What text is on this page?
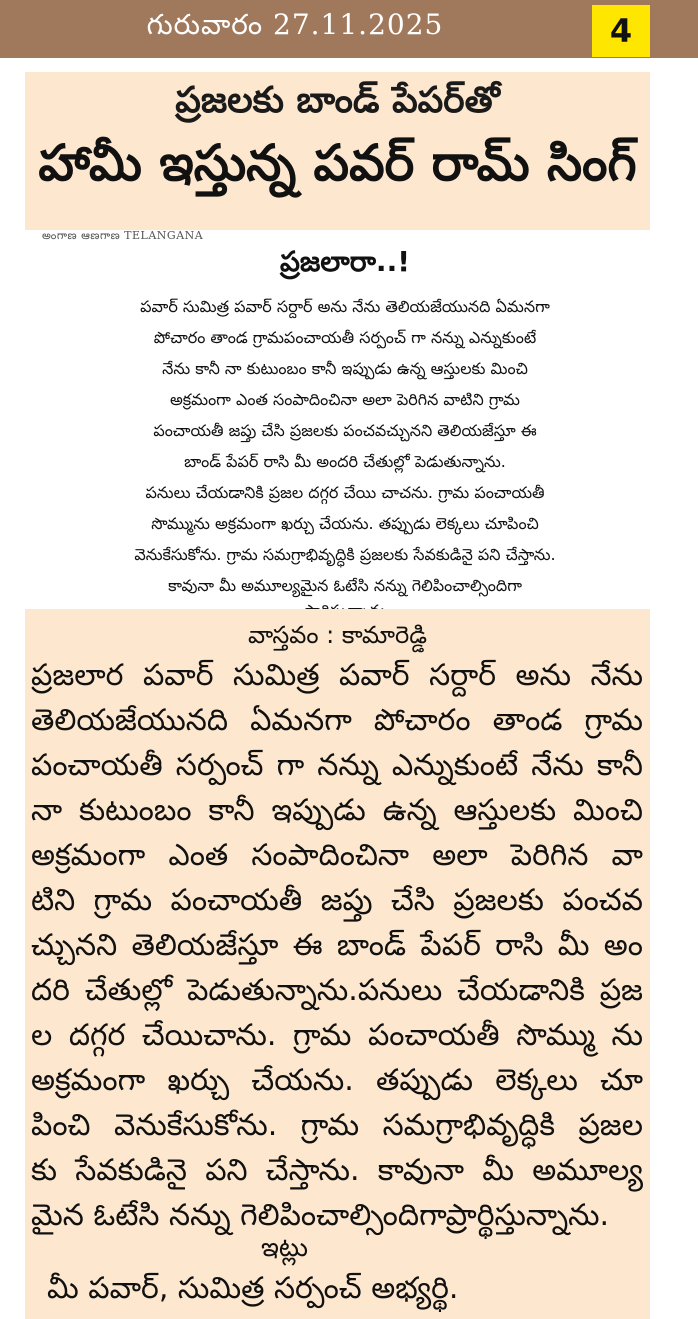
గురువారం 27.11.2025	4
ప్రజలకు బాండ్ పేపర్‌తో
హామీ ఇస్తున్న పవర్ రామ్ సింగ్
అంగాణ ఆణగాణ TELANGANA
ప్రజలారా..!
పవార్ సుమిత్ర పవార్ సర్దార్ అను నేను తెలియజేయునది ఏమనగా
పోచారం తాండ గ్రామపంచాయతీ సర్పంచ్ గా నన్ను ఎన్నుకుంటే
నేను కానీ నా కుటుంబం కానీ ఇప్పుడు ఉన్న ఆస్తులకు మించి
అక్రమంగా ఎంత సంపాదించినా అలా పెరిగిన వాటిని గ్రామ
పంచాయతీ జప్తు చేసి ప్రజలకు పంచవచ్చునని తెలియజేస్తూ ఈ
బాండ్ పేపర్ రాసి మీ అందరి చేతుల్లో పెడుతున్నాను.
పనులు చేయడానికి ప్రజల దగ్గర చేయి చాచను. గ్రామ పంచాయతీ
సొమ్మును అక్రమంగా ఖర్చు చేయను. తప్పుడు లెక్కలు చూపించి
వెనుకేసుకోను. గ్రామ సమగ్రాభివృద్ధికి ప్రజలకు సేవకుడినై పని చేస్తాను.
కావునా మీ అమూల్యమైన ఓటేసి నన్ను గెలిపించాల్సిందిగా
వాస్తవం : కామారెడ్డి
ప్రజలార పవార్ సుమిత్ర పవార్ సర్దార్ అను నేను
తెలియజేయునది ఏమనగా పోచారం తాండ గ్రామ
పంచాయతీ సర్పంచ్ గా నన్ను ఎన్నుకుంటే నేను కానీ
నా కుటుంబం కానీ ఇప్పుడు ఉన్న ఆస్తులకు మించి
అక్రమంగా ఎంత సంపాదించినా అలా పెరిగిన వా
టిని గ్రామ పంచాయతీ జప్తు చేసి ప్రజలకు పంచవ
చ్చునని తెలియజేస్తూ ఈ బాండ్ పేపర్ రాసి మీ అం
దరి చేతుల్లో పెడుతున్నాను.పనులు చేయడానికి ప్రజ
ల దగ్గర చేయిచాను. గ్రామ పంచాయతీ సొమ్ము ను
అక్రమంగా ఖర్చు చేయను. తప్పుడు లెక్కలు చూ
పించి వెనుకేసుకోను. గ్రామ సమగ్రాభివృద్ధికి ప్రజల
కు సేవకుడినై పని చేస్తాను. కావునా మీ అమూల్య
మైన ఓటేసి నన్ను గెలిపించాల్సిందిగాప్రార్థిస్తున్నాను.
ఇట్లు
మీ పవార్, సుమిత్ర సర్పంచ్ అభ్యర్థి.
